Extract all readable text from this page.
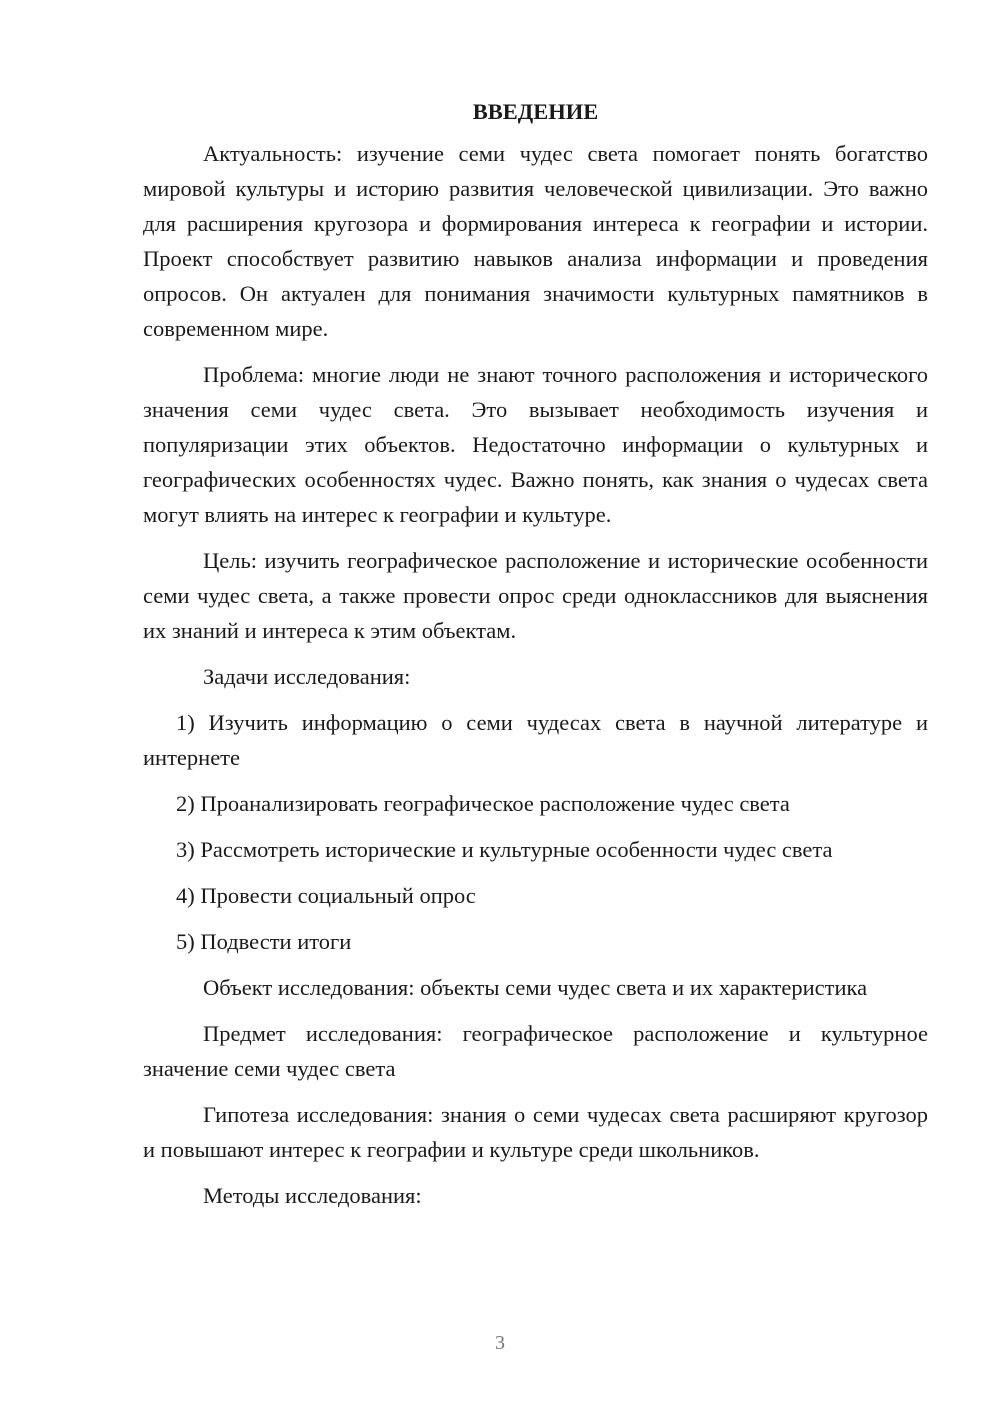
ВВЕДЕНИЕ

Актуальность: изучение семи чудес света помогает понять богатство мировой культуры и историю развития человеческой цивилизации. Это важно для расширения кругозора и формирования интереса к географии и истории. Проект способствует развитию навыков анализа информации и проведения опросов. Он актуален для понимания значимости культурных памятников в современном мире.

Проблема: многие люди не знают точного расположения и исторического значения семи чудес света. Это вызывает необходимость изучения и популяризации этих объектов. Недостаточно информации о культурных и географических особенностях чудес. Важно понять, как знания о чудесах света могут влиять на интерес к географии и культуре.

Цель: изучить географическое расположение и исторические особенности семи чудес света, а также провести опрос среди одноклассников для выяснения их знаний и интереса к этим объектам.

Задачи исследования:

1) Изучить информацию о семи чудесах света в научной литературе и интернете

2) Проанализировать географическое расположение чудес света

3) Рассмотреть исторические и культурные особенности чудес света

4) Провести социальный опрос

5) Подвести итоги

Объект исследования: объекты семи чудес света и их характеристика

Предмет исследования: географическое расположение и культурное значение семи чудес света

Гипотеза исследования: знания о семи чудесах света расширяют кругозор и повышают интерес к географии и культуре среди школьников.

Методы исследования:

3
